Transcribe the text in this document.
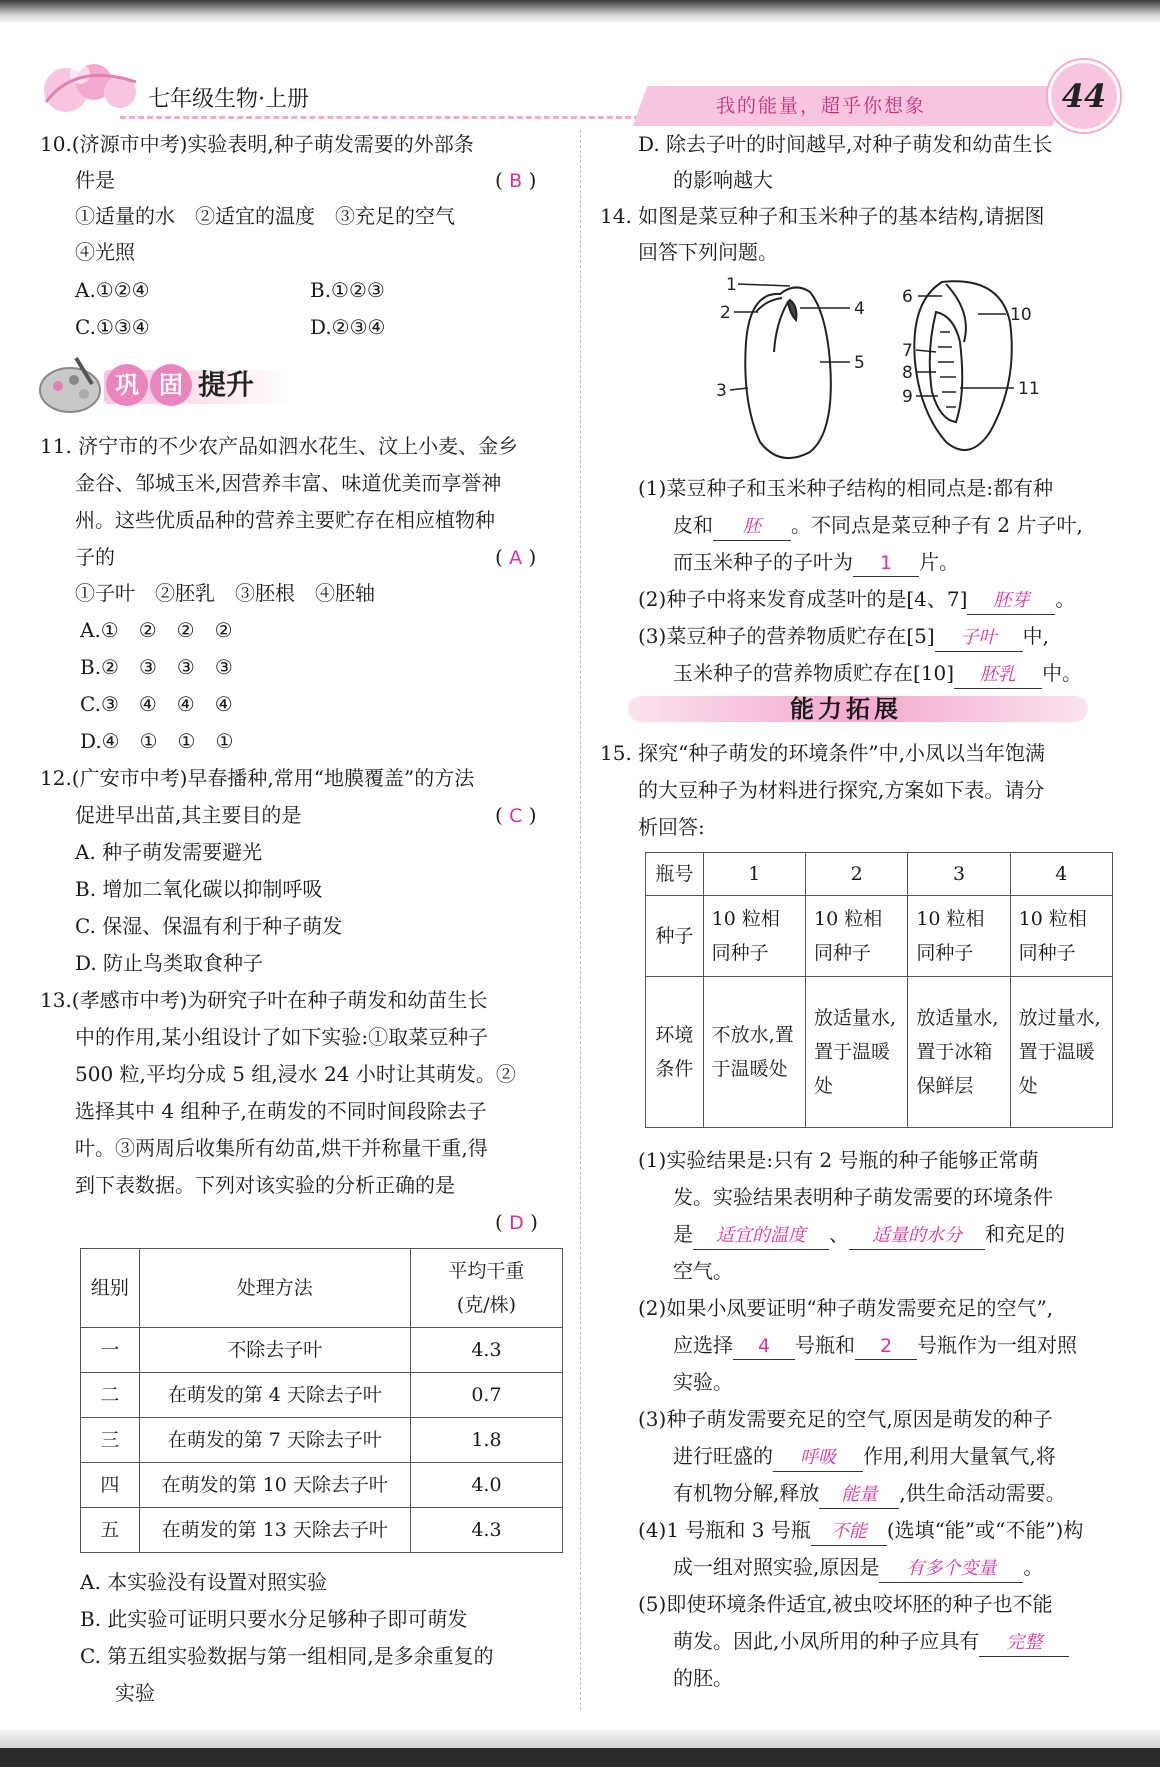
七年级生物·上册	我的能量，超乎你想象	44
10.(济源市中考)实验表明,种子萌发需要的外部条
件是	( B )
①适量的水　②适宜的温度　③充足的空气
④光照
A.①②④	B.①②③
C.①③④	D.②③④
巩 固 提升
11. 济宁市的不少农产品如泗水花生、汶上小麦、金乡
金谷、邹城玉米,因营养丰富、味道优美而享誉神
州。这些优质品种的营养主要贮存在相应植物种
子的	( A )
①子叶　②胚乳　③胚根　④胚轴
A.①　②　②　②
B.②　③　③　③
C.③　④　④　④
D.④　①　①　①
12.(广安市中考)早春播种,常用“地膜覆盖”的方法
促进早出苗,其主要目的是	( C )
A. 种子萌发需要避光
B. 增加二氧化碳以抑制呼吸
C. 保湿、保温有利于种子萌发
D. 防止鸟类取食种子
13.(孝感市中考)为研究子叶在种子萌发和幼苗生长
中的作用,某小组设计了如下实验:①取菜豆种子
500 粒,平均分成 5 组,浸水 24 小时让其萌发。②
选择其中 4 组种子,在萌发的不同时间段除去子
叶。③两周后收集所有幼苗,烘干并称量干重,得
到下表数据。下列对该实验的分析正确的是
( D )
组别	处理方法	平均干重
(克/株)

一	不除去子叶	4.3
二	在萌发的第 4 天除去子叶	0.7
三	在萌发的第 7 天除去子叶	1.8
四	在萌发的第 10 天除去子叶	4.0
五	在萌发的第 13 天除去子叶	4.3
A. 本实验没有设置对照实验
B. 此实验可证明只要水分足够种子即可萌发
C. 第五组实验数据与第一组相同,是多余重复的
实验
D. 除去子叶的时间越早,对种子萌发和幼苗生长
的影响越大
14. 如图是菜豆种子和玉米种子的基本结构,请据图
回答下列问题。
1
2
3
4
5
6
7
8
9
10
11
(1)菜豆种子和玉米种子结构的相同点是:都有种
皮和 胚 。不同点是菜豆种子有 2 片子叶,
而玉米种子的子叶为 1 片。
(2)种子中将来发育成茎叶的是[4、7] 胚芽 。
(3)菜豆种子的营养物质贮存在[5] 子叶 中,
玉米种子的营养物质贮存在[10] 胚乳 中。
能力拓展
15. 探究“种子萌发的环境条件”中,小凤以当年饱满
的大豆种子为材料进行探究,方案如下表。请分
析回答:
瓶号	1	2	3	4
种子	10 粒相同种子	10 粒相同种子	10 粒相同种子	10 粒相同种子
环境条件	不放水,置于温暖处	放适量水,置于温暖处	放适量水,置于冰箱保鲜层	放过量水,置于温暖处
(1)实验结果是:只有 2 号瓶的种子能够正常萌
发。实验结果表明种子萌发需要的环境条件
是 适宜的温度 、 适量的水分 和充足的
空气。
(2)如果小凤要证明“种子萌发需要充足的空气”,
应选择 4 号瓶和 2 号瓶作为一组对照
实验。
(3)种子萌发需要充足的空气,原因是萌发的种子
进行旺盛的 呼吸 作用,利用大量氧气,将
有机物分解,释放 能量 ,供生命活动需要。
(4)1 号瓶和 3 号瓶 不能 (选填“能”或“不能”)构
成一组对照实验,原因是 有多个变量 。
(5)即使环境条件适宜,被虫咬坏胚的种子也不能
萌发。因此,小凤所用的种子应具有 完整
的胚。
